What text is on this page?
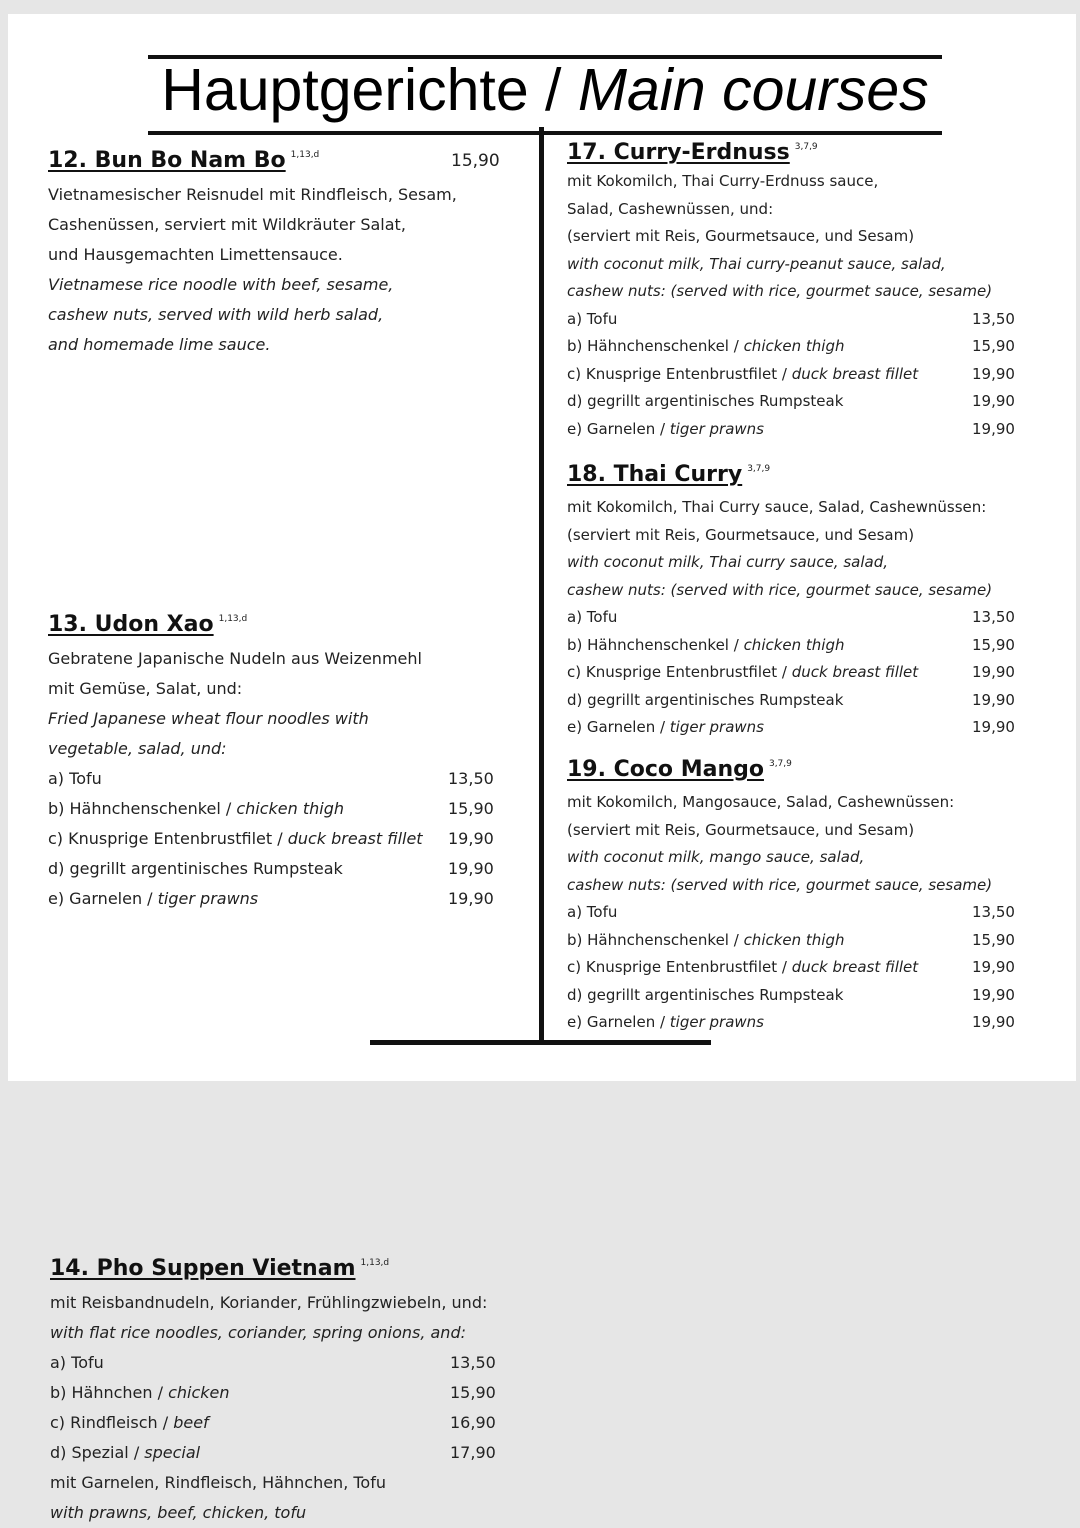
Hauptgerichte / Main courses
12. Bun Bo Nam Bo 1,13,d	15,90
Vietnamesischer Reisnudel mit Rindfleisch, Sesam,
Cashenüssen, serviert mit Wildkräuter Salat,
und Hausgemachten Limettensauce.
Vietnamese rice noodle with beef, sesame,
cashew nuts, served with wild herb salad,
and homemade lime sauce.
13. Udon Xao 1,13,d
Gebratene Japanische Nudeln aus Weizenmehl
mit Gemüse, Salat, und:
Fried Japanese wheat flour noodles with
vegetable, salad, und:
a) Tofu	13,50
b) Hähnchenschenkel / chicken thigh	15,90
c) Knusprige Entenbrustfilet / duck breast fillet 19,90
d) gegrillt argentinisches Rumpsteak	19,90
e) Garnelen / tiger prawns	19,90
14. Pho Suppen Vietnam 1,13,d
mit Reisbandnudeln, Koriander, Frühlingzwiebeln, und:
with flat rice noodles, coriander, spring onions, and:
a) Tofu	13,50
b) Hähnchen / chicken	15,90
c) Rindfleisch / beef	16,90
d) Spezial / special	17,90
mit Garnelen, Rindfleisch, Hähnchen, Tofu
with prawns, beef, chicken, tofu
17. Curry-Erdnuss 3,7,9
mit Kokomilch, Thai Curry-Erdnuss sauce,
Salad, Cashewnüssen, und:
(serviert mit Reis, Gourmetsauce, und Sesam)
with coconut milk, Thai curry-peanut sauce, salad,
cashew nuts: (served with rice, gourmet sauce, sesame)
a) Tofu	13,50
b) Hähnchenschenkel / chicken thigh	15,90
c) Knusprige Entenbrustfilet / duck breast fillet	19,90
d) gegrillt argentinisches Rumpsteak	19,90
e) Garnelen / tiger prawns	19,90
18. Thai Curry 3,7,9
mit Kokomilch, Thai Curry sauce, Salad, Cashewnüssen:
(serviert mit Reis, Gourmetsauce, und Sesam)
with coconut milk, Thai curry sauce, salad,
cashew nuts: (served with rice, gourmet sauce, sesame)
a) Tofu	13,50
b) Hähnchenschenkel / chicken thigh	15,90
c) Knusprige Entenbrustfilet / duck breast fillet	19,90
d) gegrillt argentinisches Rumpsteak	19,90
e) Garnelen / tiger prawns	19,90
19. Coco Mango 3,7,9
mit Kokomilch, Mangosauce, Salad, Cashewnüssen:
(serviert mit Reis, Gourmetsauce, und Sesam)
with coconut milk, mango sauce, salad,
cashew nuts: (served with rice, gourmet sauce, sesame)
a) Tofu	13,50
b) Hähnchenschenkel / chicken thigh	15,90
c) Knusprige Entenbrustfilet / duck breast fillet	19,90
d) gegrillt argentinisches Rumpsteak	19,90
e) Garnelen / tiger prawns	19,90
